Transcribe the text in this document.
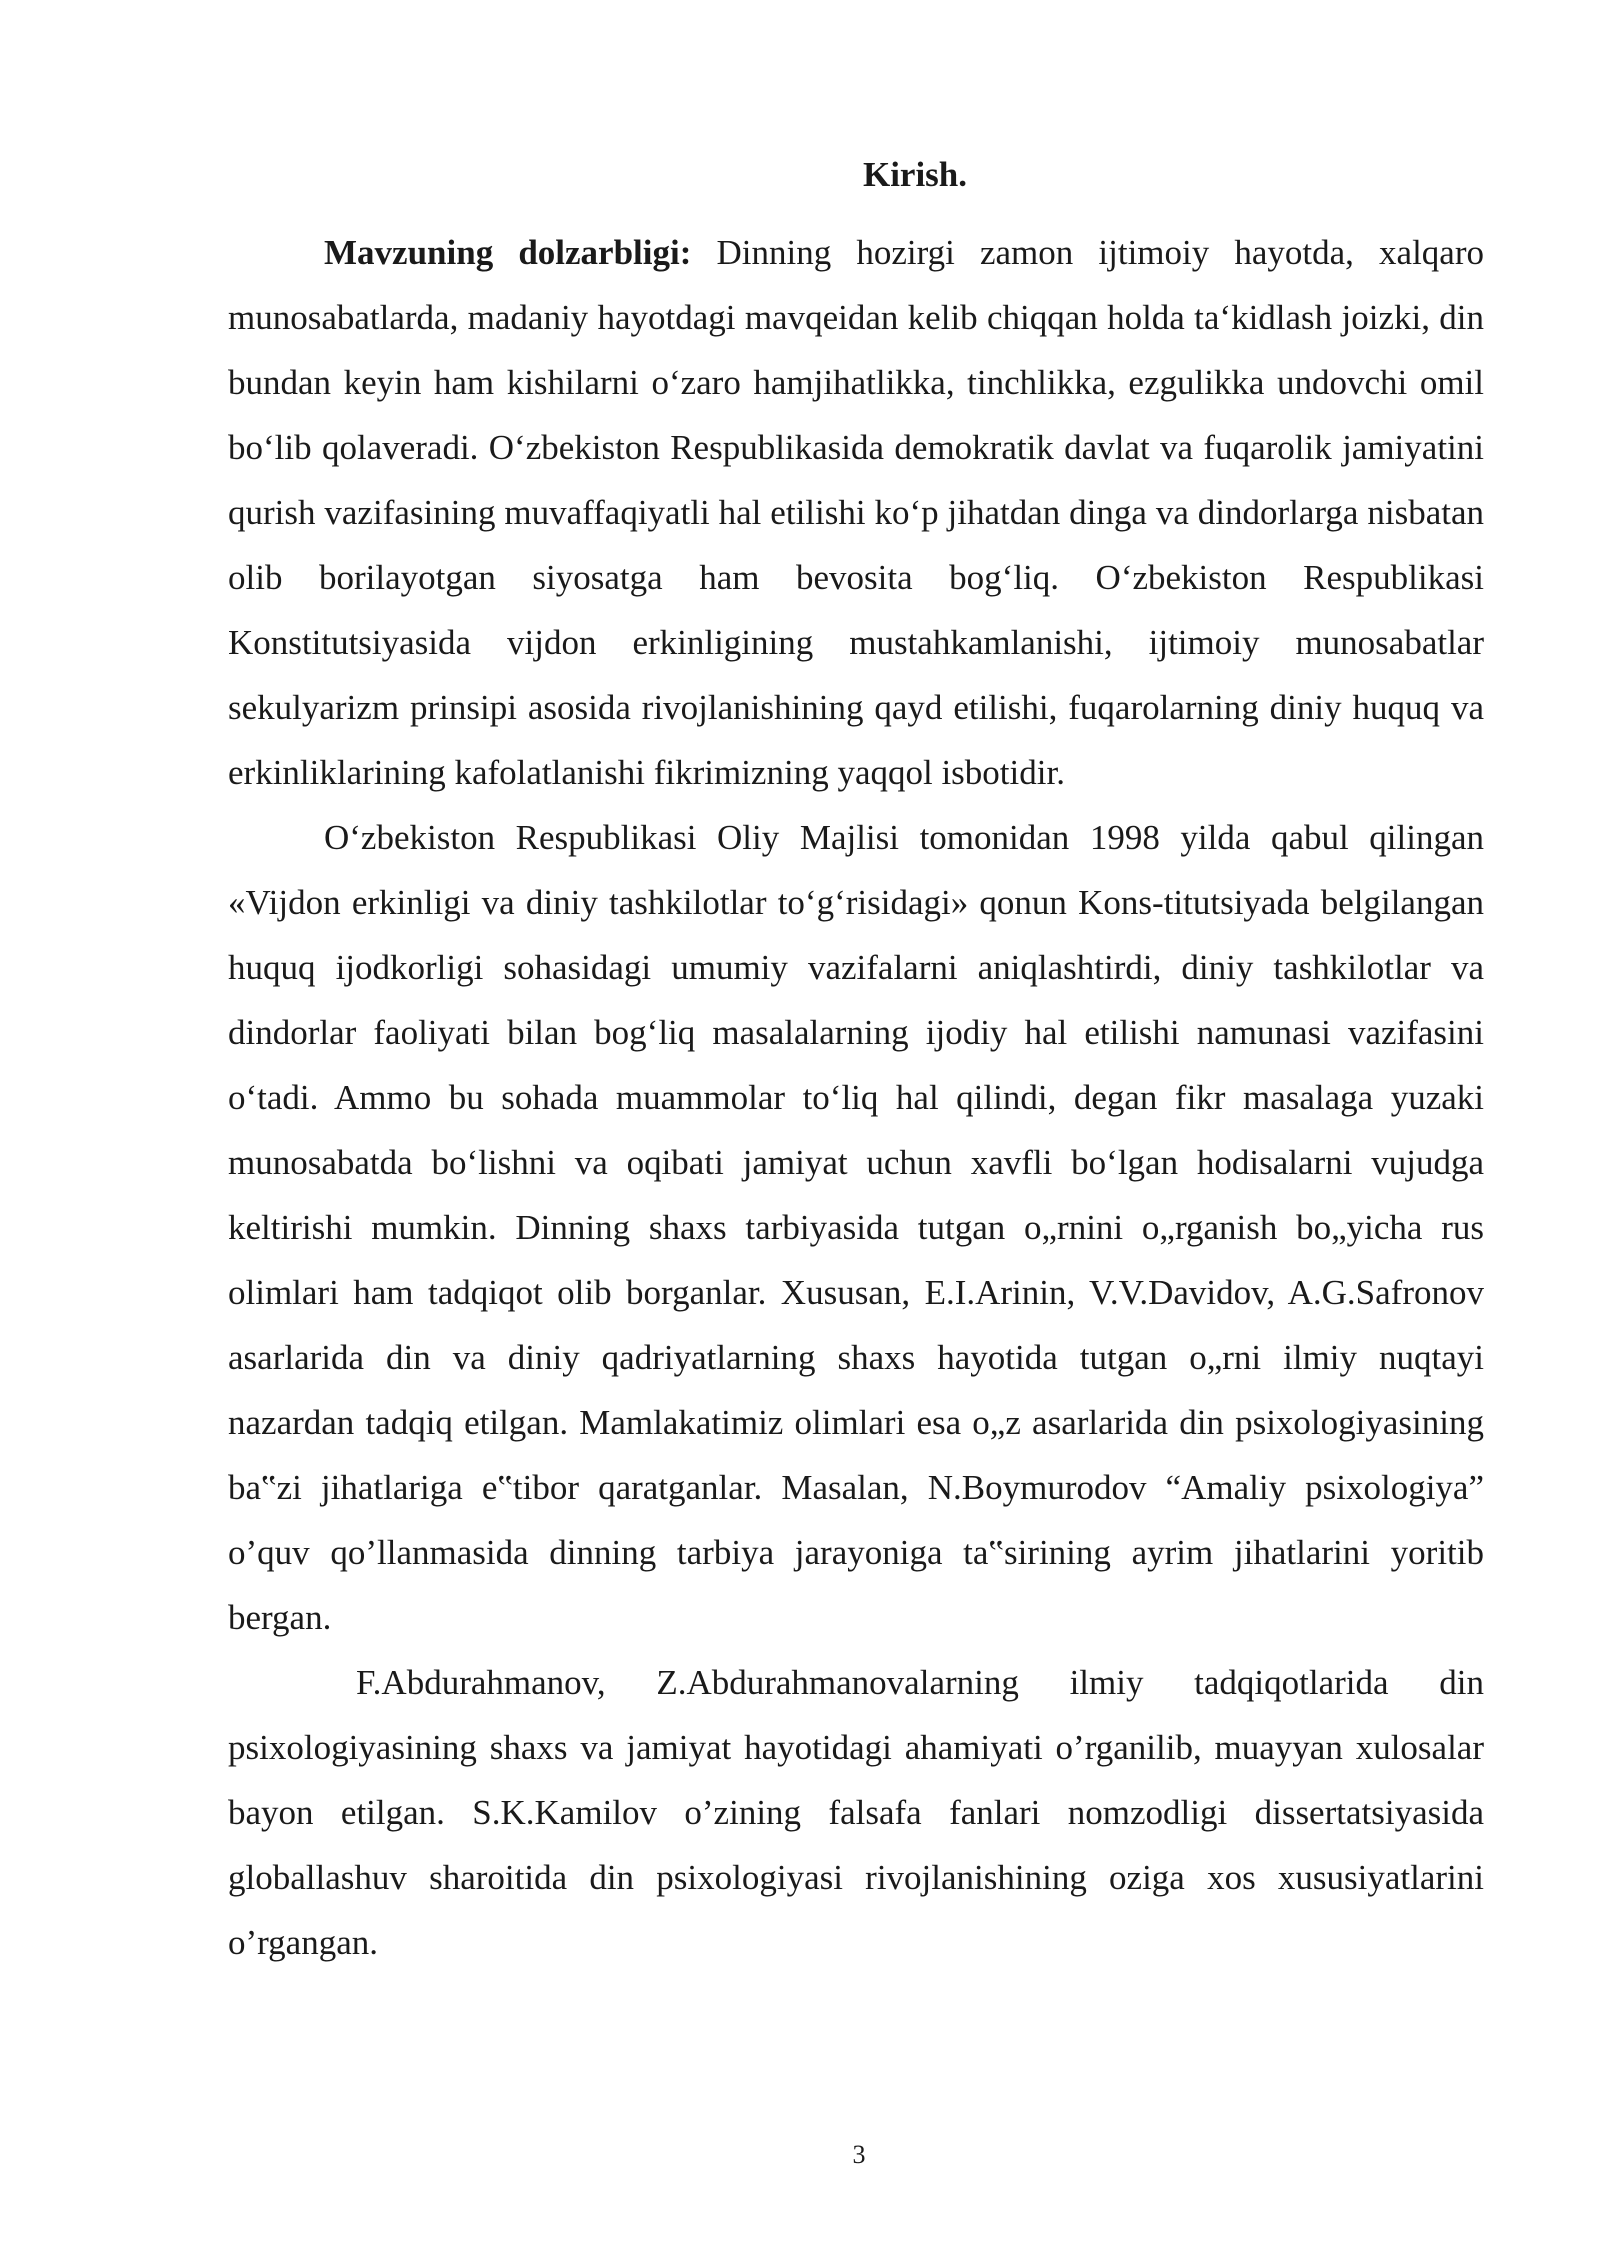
Kirish.

Mavzuning dolzarbligi: Dinning hozirgi zamon ijtimoiy hayotda, xalqaro munosabatlarda, madaniy hayotdagi mavqeidan kelib chiqqan holda ta‘kidlash joizki, din bundan keyin ham kishilarni o‘zaro hamjihatlikka, tinchlikka, ezgulikka undovchi omil bo‘lib qolaveradi. O‘zbekiston Respublikasida demokratik davlat va fuqarolik jamiyatini qurish vazifasining muvaffaqiyatli hal etilishi ko‘p jihatdan dinga va dindorlarga nisbatan olib borilayotgan siyosatga ham bevosita bog‘liq. O‘zbekiston Respublikasi Konstitutsiyasida vijdon erkinligining mustahkamlanishi, ijtimoiy munosabatlar sekulyarizm prinsipi asosida rivojlanishining qayd etilishi, fuqarolarning diniy huquq va erkinliklarining kafolatlanishi fikrimizning yaqqol isbotidir.

O‘zbekiston Respublikasi Oliy Majlisi tomonidan 1998 yilda qabul qilingan «Vijdon erkinligi va diniy tashkilotlar to‘g‘risidagi» qonun Kons-titutsiyada belgilangan huquq ijodkorligi sohasidagi umumiy vazifalarni aniqlashtirdi, diniy tashkilotlar va dindorlar faoliyati bilan bog‘liq masalalarning ijodiy hal etilishi namunasi vazifasini o‘tadi. Ammo bu sohada muammolar to‘liq hal qilindi, degan fikr masalaga yuzaki munosabatda bo‘lishni va oqibati jamiyat uchun xavfli bo‘lgan hodisalarni vujudga keltirishi mumkin. Dinning shaxs tarbiyasida tutgan o„rnini o„rganish bo„yicha rus olimlari ham tadqiqot olib borganlar. Xususan, E.I.Arinin, V.V.Davidov, A.G.Safronov asarlarida din va diniy qadriyatlarning shaxs hayotida tutgan o„rni ilmiy nuqtayi nazardan tadqiq etilgan. Mamlakatimiz olimlari esa o„z asarlarida din psixologiyasining ba‟zi jihatlariga e‟tibor qaratganlar. Masalan, N.Boymurodov “Amaliy psixologiya” o’quv qo’llanmasida dinning tarbiya jarayoniga ta‟sirining ayrim jihatlarini yoritib bergan.

F.Abdurahmanov, Z.Abdurahmanovalarning ilmiy tadqiqotlarida din psixologiyasining shaxs va jamiyat hayotidagi ahamiyati o’rganilib, muayyan xulosalar bayon etilgan. S.K.Kamilov o’zining falsafa fanlari nomzodligi dissertatsiyasida globallashuv sharoitida din psixologiyasi rivojlanishining oziga xos xususiyatlarini o’rgangan.

3
